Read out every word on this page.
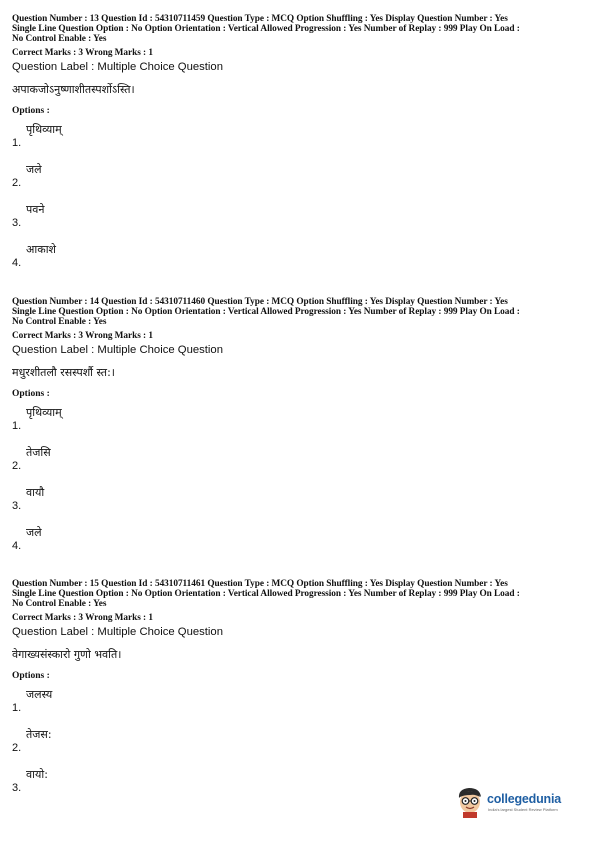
Question Number : 13 Question Id : 54310711459 Question Type : MCQ Option Shuffling : Yes Display Question Number : Yes
Single Line Question Option : No Option Orientation : Vertical Allowed Progression : Yes Number of Replay : 999 Play On Load :
No Control Enable : Yes
Correct Marks : 3 Wrong Marks : 1
Question Label : Multiple Choice Question
अपाकजोऽनुष्णाशीतस्पर्शोऽस्ति।
Options :
1.
पृथिव्याम्
2.
जले
3.
पवने
4.
आकाशे
Question Number : 14 Question Id : 54310711460 Question Type : MCQ Option Shuffling : Yes Display Question Number : Yes
Single Line Question Option : No Option Orientation : Vertical Allowed Progression : Yes Number of Replay : 999 Play On Load :
No Control Enable : Yes
Correct Marks : 3 Wrong Marks : 1
Question Label : Multiple Choice Question
मधुरशीतलौ रसस्पर्शौ स्त:।
Options :
1.
पृथिव्याम्
2.
तेजसि
3.
वायौ
4.
जले
Question Number : 15 Question Id : 54310711461 Question Type : MCQ Option Shuffling : Yes Display Question Number : Yes
Single Line Question Option : No Option Orientation : Vertical Allowed Progression : Yes Number of Replay : 999 Play On Load :
No Control Enable : Yes
Correct Marks : 3 Wrong Marks : 1
Question Label : Multiple Choice Question
वेगाख्यसंस्कारो गुणो भवति।
Options :
1.
जलस्य
2.
तेजस:
3.
वायो:
collegedunia
India's largest Student Review Platform
